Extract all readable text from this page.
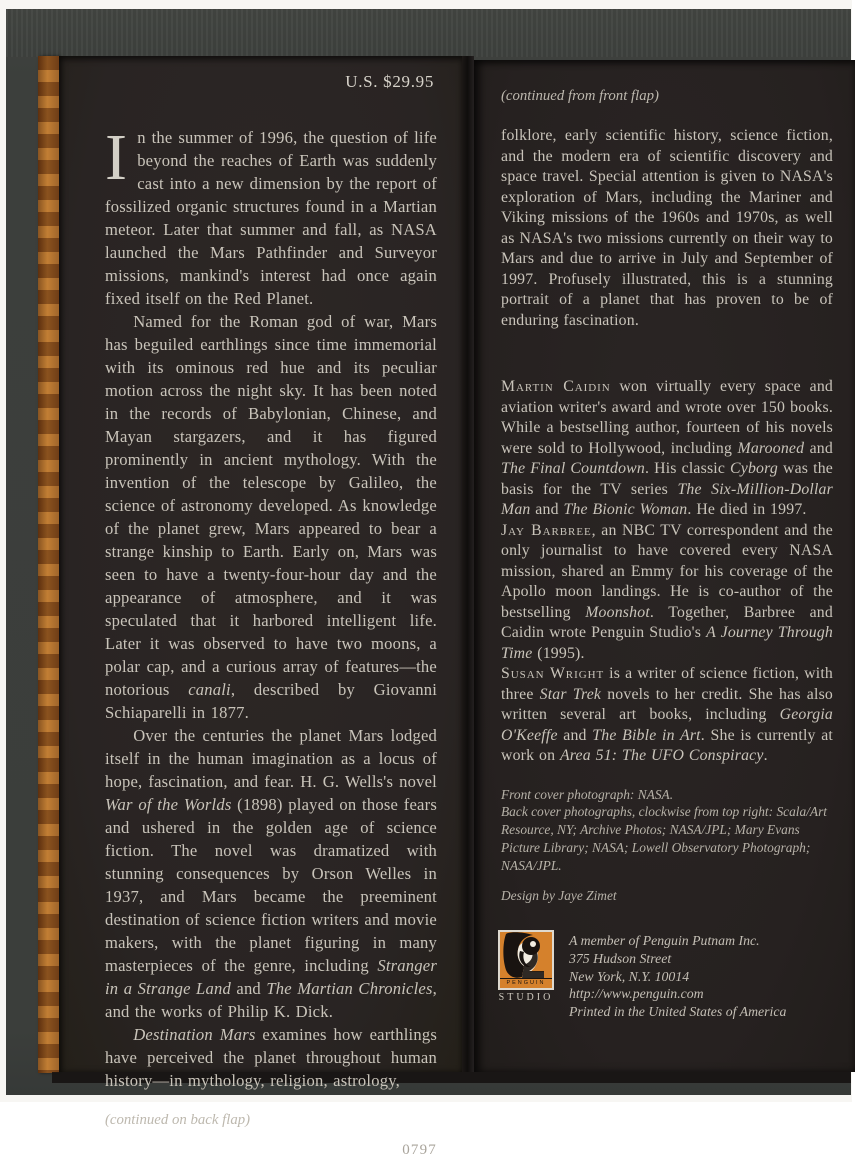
U.S. $29.95

In the summer of 1996, the question of life beyond the reaches of Earth was suddenly cast into a new dimension by the report of fossilized organic structures found in a Martian meteor. Later that summer and fall, as NASA launched the Mars Pathfinder and Surveyor missions, mankind's interest had once again fixed itself on the Red Planet.

Named for the Roman god of war, Mars has beguiled earthlings since time immemorial with its ominous red hue and its peculiar motion across the night sky. It has been noted in the records of Babylonian, Chinese, and Mayan stargazers, and it has figured prominently in ancient mythology. With the invention of the telescope by Galileo, the science of astronomy developed. As knowledge of the planet grew, Mars appeared to bear a strange kinship to Earth. Early on, Mars was seen to have a twenty-four-hour day and the appearance of atmosphere, and it was speculated that it harbored intelligent life. Later it was observed to have two moons, a polar cap, and a curious array of features—the notorious canali, described by Giovanni Schiaparelli in 1877.

Over the centuries the planet Mars lodged itself in the human imagination as a locus of hope, fascination, and fear. H. G. Wells's novel War of the Worlds (1898) played on those fears and ushered in the golden age of science fiction. The novel was dramatized with stunning consequences by Orson Welles in 1937, and Mars became the preeminent destination of science fiction writers and movie makers, with the planet figuring in many masterpieces of the genre, including Stranger in a Strange Land and The Martian Chronicles, and the works of Philip K. Dick.

Destination Mars examines how earthlings have perceived the planet throughout human history—in mythology, religion, astrology,

(continued on back flap)
0797
(continued from front flap)

folklore, early scientific history, science fiction, and the modern era of scientific discovery and space travel. Special attention is given to NASA's exploration of Mars, including the Mariner and Viking missions of the 1960s and 1970s, as well as NASA's two missions currently on their way to Mars and due to arrive in July and September of 1997. Profusely illustrated, this is a stunning portrait of a planet that has proven to be of enduring fascination.

Martin Caidin won virtually every space and aviation writer's award and wrote over 150 books. While a bestselling author, fourteen of his novels were sold to Hollywood, including Marooned and The Final Countdown. His classic Cyborg was the basis for the TV series The Six-Million-Dollar Man and The Bionic Woman. He died in 1997.

Jay Barbree, an NBC TV correspondent and the only journalist to have covered every NASA mission, shared an Emmy for his coverage of the Apollo moon landings. He is co-author of the bestselling Moonshot. Together, Barbree and Caidin wrote Penguin Studio's A Journey Through Time (1995).

Susan Wright is a writer of science fiction, with three Star Trek novels to her credit. She has also written several art books, including Georgia O'Keeffe and The Bible in Art. She is currently at work on Area 51: The UFO Conspiracy.

Front cover photograph: NASA.

Back cover photographs, clockwise from top right: Scala/Art Resource, NY; Archive Photos; NASA/JPL; Mary Evans Picture Library; NASA; Lowell Observatory Photograph; NASA/JPL.

Design by Jaye Zimet
PENGUIN
STUDIO
A member of Penguin Putnam Inc.
375 Hudson Street
New York, N.Y. 10014
http://www.penguin.com
Printed in the United States of America
